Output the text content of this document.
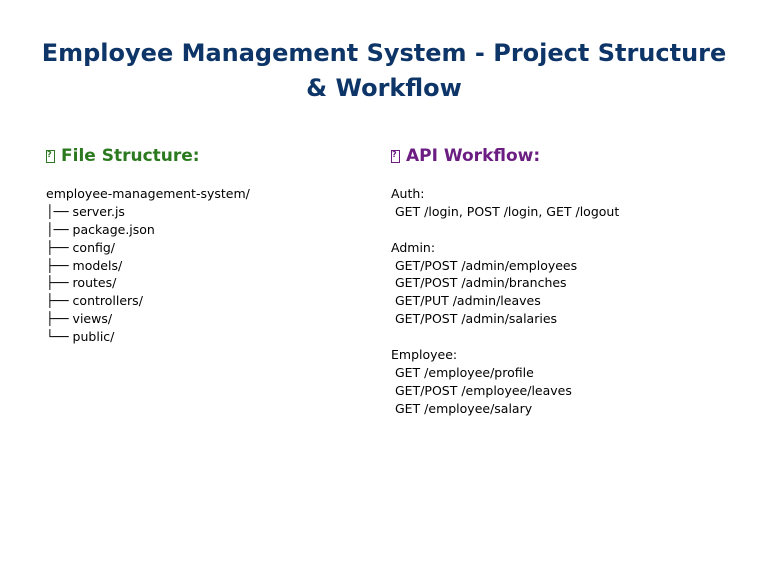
Employee Management System - Project Structure & Workflow
?
File Structure:
employee-management-system/
│── server.js
│── package.json
├── config/
├── models/
├── routes/
├── controllers/
├── views/
└── public/
?
API Workflow:
Auth:
GET /login, POST /login, GET /logout
Admin:
GET/POST /admin/employees
GET/POST /admin/branches
GET/PUT /admin/leaves
GET/POST /admin/salaries
Employee:
GET /employee/profile
GET/POST /employee/leaves
GET /employee/salary
